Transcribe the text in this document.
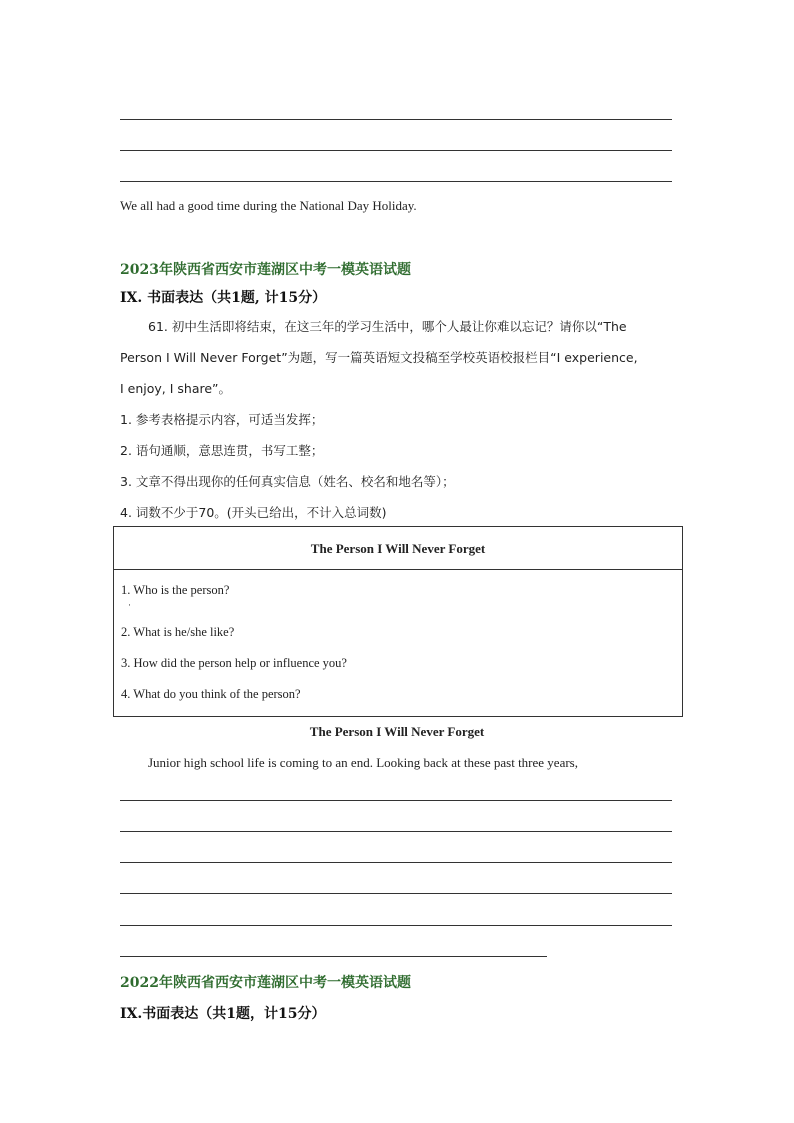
We all had a good time during the National Day Holiday.
2023年陕西省西安市莲湖区中考一模英语试题
IX. 书面表达（共1题, 计15分）
61. 初中生活即将结束，在这三年的学习生活中，哪个人最让你难以忘记？请你以“The
Person I Will Never Forget”为题，写一篇英语短文投稿至学校英语校报栏目“I experience,
I enjoy, I share”。
1. 参考表格提示内容，可适当发挥；
2. 语句通顺，意思连贯，书写工整；
3. 文章不得出现你的任何真实信息（姓名、校名和地名等）；
4. 词数不少于70。(开头已给出，不计入总词数)
The Person I Will Never Forget
1. Who is the person?
·
2. What is he/she like?
3. How did the person help or influence you?
4. What do you think of the person?
The Person I Will Never Forget
Junior high school life is coming to an end. Looking back at these past three years,
2022年陕西省西安市莲湖区中考一模英语试题
IX.书面表达（共1题，计15分）
